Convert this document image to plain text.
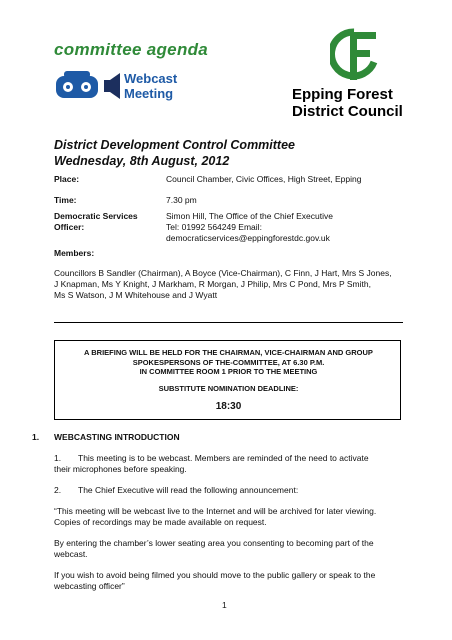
committee agenda
Webcast
Meeting	Epping Forest
District Council
District Development Control Committee
Wednesday, 8th August, 2012
Place:	Council Chamber, Civic Offices, High Street, Epping
Time:	7.30 pm
Democratic Services
Officer:
Simon Hill, The Office of the Chief Executive
Tel: 01992 564249 Email:
democraticservices@eppingforestdc.gov.uk
Members:
Councillors B Sandler (Chairman), A Boyce (Vice-Chairman), C Finn, J Hart, Mrs S Jones,
J Knapman, Ms Y Knight, J Markham, R Morgan, J Philip, Mrs C Pond, Mrs P Smith,
Ms S Watson, J M Whitehouse and J Wyatt
A BRIEFING WILL BE HELD FOR THE CHAIRMAN, VICE-CHAIRMAN AND GROUP
SPOKESPERSONS OF THE-COMMITTEE, AT 6.30 P.M.
IN COMMITTEE ROOM 1 PRIOR TO THE MEETING
SUBSTITUTE NOMINATION DEADLINE:
18:30
1. WEBCASTING INTRODUCTION
1. This meeting is to be webcast. Members are reminded of the need to activate
their microphones before speaking.
2. The Chief Executive will read the following announcement:
“This meeting will be webcast live to the Internet and will be archived for later viewing.
Copies of recordings may be made available on request.
By entering the chamber’s lower seating area you consenting to becoming part of the
webcast.
If you wish to avoid being filmed you should move to the public gallery or speak to the
webcasting officer”
1
